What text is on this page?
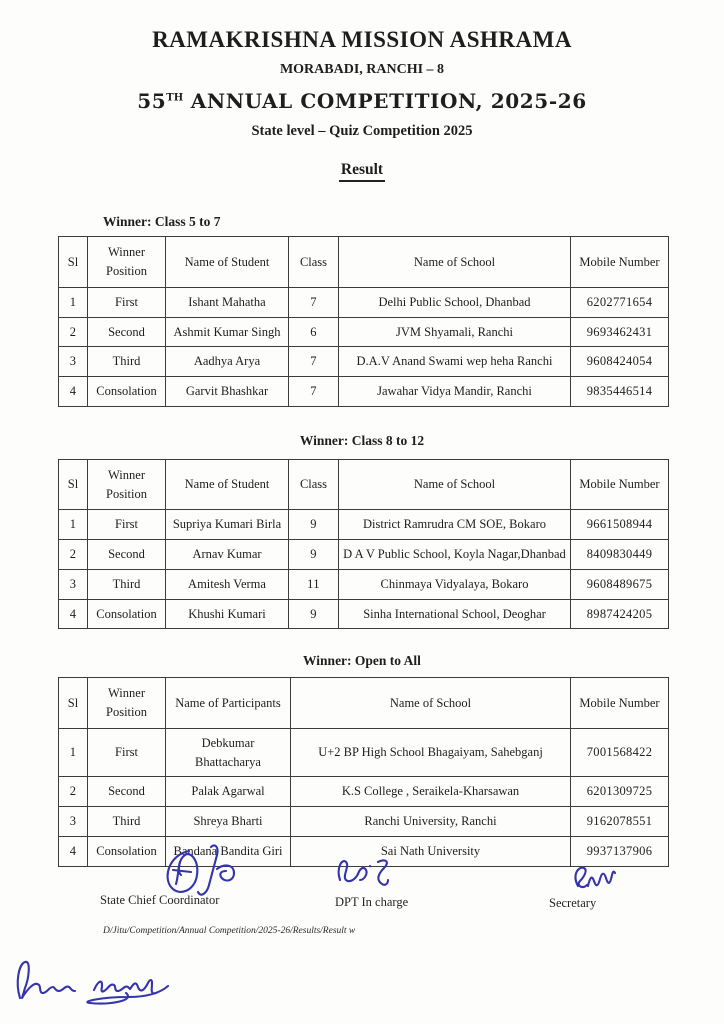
RAMAKRISHNA MISSION ASHRAMA
MORABADI, RANCHI – 8
55TH ANNUAL COMPETITION, 2025-26
State level – Quiz Competition 2025
Result
Winner: Class 5 to 7
Sl	Winner Position	Name of Student	Class	Name of School	Mobile Number
1	First	Ishant Mahatha	7	Delhi Public School, Dhanbad	6202771654
2	Second	Ashmit Kumar Singh	6	JVM Shyamali, Ranchi	9693462431
3	Third	Aadhya Arya	7	D.A.V Anand Swami wep heha Ranchi	9608424054
4	Consolation	Garvit Bhashkar	7	Jawahar Vidya Mandir, Ranchi	9835446514
Winner: Class 8 to 12
Sl	Winner Position	Name of Student	Class	Name of School	Mobile Number
1	First	Supriya Kumari Birla	9	District Ramrudra CM SOE, Bokaro	9661508944
2	Second	Arnav Kumar	9	D A V Public School, Koyla Nagar,Dhanbad	8409830449
3	Third	Amitesh Verma	11	Chinmaya Vidyalaya, Bokaro	9608489675
4	Consolation	Khushi Kumari	9	Sinha International School, Deoghar	8987424205
Winner: Open to All
Sl	Winner Position	Name of Participants	Name of School	Mobile Number
1	First	Debkumar Bhattacharya	U+2 BP High School Bhagaiyam, Sahebganj	7001568422
2	Second	Palak Agarwal	K.S College , Seraikela-Kharsawan	6201309725
3	Third	Shreya Bharti	Ranchi University, Ranchi	9162078551
4	Consolation	Bandana Bandita Giri	Sai Nath University	9937137906
State Chief Coordinator	DPT In charge	Secretary
D/Jitu/Competition/Annual Competition/2025-26/Results/Result w
